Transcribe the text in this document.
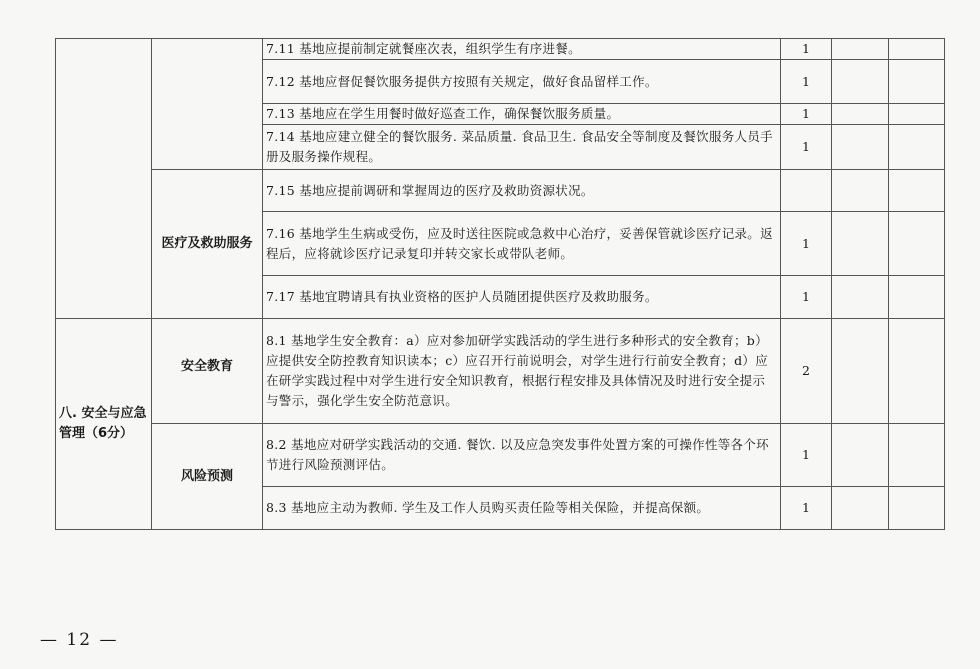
		7.11 基地应提前制定就餐座次表，组织学生有序进餐。	1		
		7.12 基地应督促餐饮服务提供方按照有关规定，做好食品留样工作。	1		
		7.13 基地应在学生用餐时做好巡查工作，确保餐饮服务质量。	1		
		7.14 基地应建立健全的餐饮服务. 菜品质量. 食品卫生. 食品安全等制度及餐饮服务人员手册及服务操作规程。	1		
	医疗及救助服务	7.15 基地应提前调研和掌握周边的医疗及救助资源状况。			
		7.16 基地学生生病或受伤，应及时送往医院或急救中心治疗，妥善保管就诊医疗记录。返程后，应将就诊医疗记录复印并转交家长或带队老师。	1		
		7.17 基地宜聘请具有执业资格的医护人员随团提供医疗及救助服务。	1		
八. 安全与应急管理（6分）	安全教育	8.1 基地学生安全教育：a）应对参加研学实践活动的学生进行多种形式的安全教育；b）应提供安全防控教育知识读本；c）应召开行前说明会，对学生进行行前安全教育；d）应在研学实践过程中对学生进行安全知识教育，根据行程安排及具体情况及时进行安全提示与警示，强化学生安全防范意识。	2		
	风险预测	8.2 基地应对研学实践活动的交通. 餐饮. 以及应急突发事件处置方案的可操作性等各个环节进行风险预测评估。	1		
		8.3 基地应主动为教师. 学生及工作人员购买责任险等相关保险，并提高保额。	1		
— 12 —
